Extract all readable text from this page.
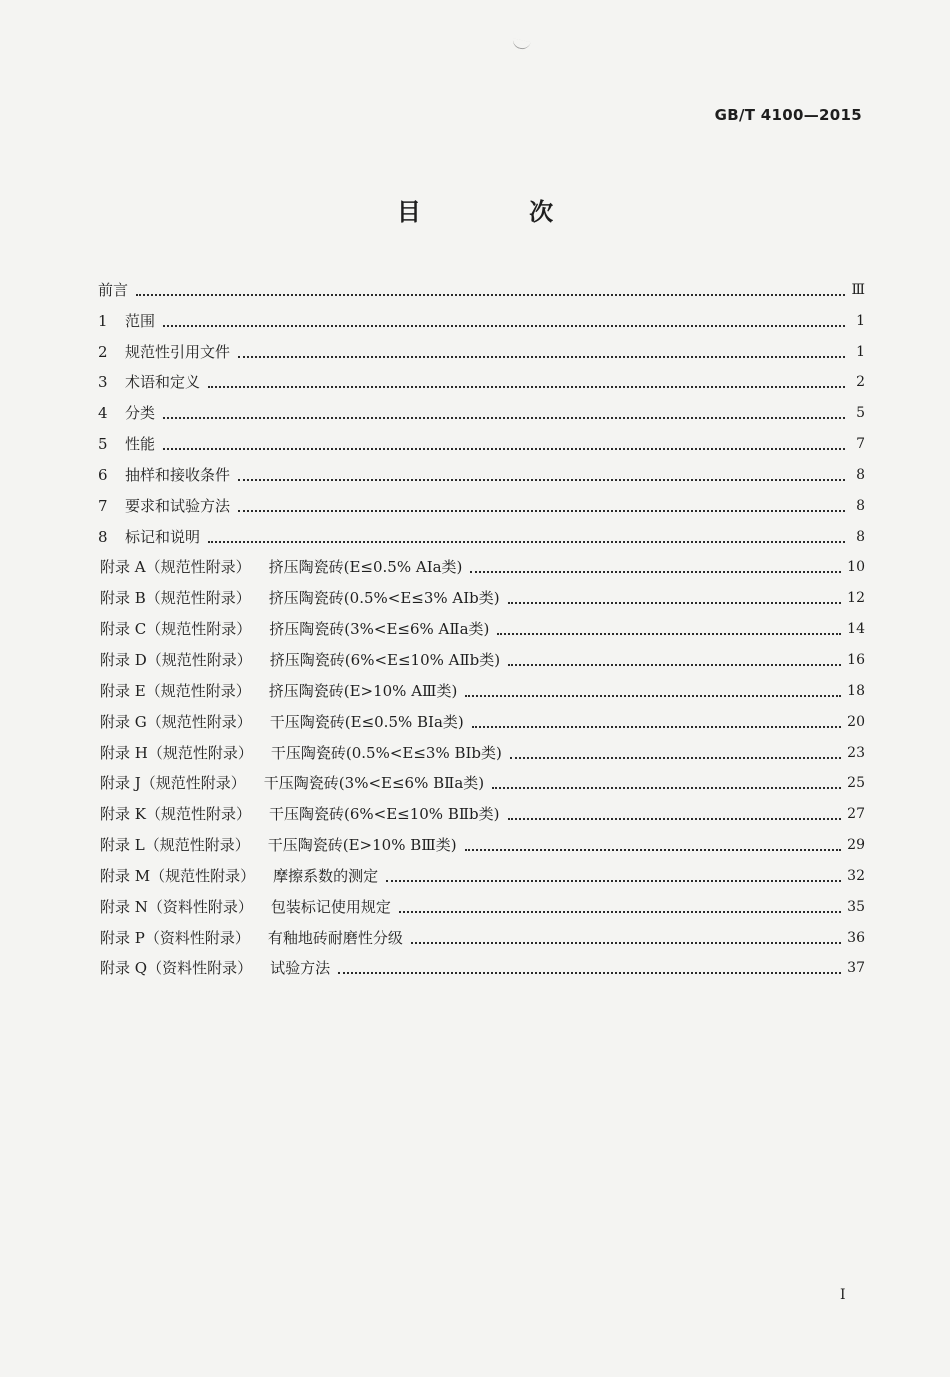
GB/T 4100—2015
目 次
前言	Ⅲ
1	范围	1
2	规范性引用文件	1
3	术语和定义	2
4	分类	5
5	性能	7
6	抽样和接收条件	8
7	要求和试验方法	8
8	标记和说明	8
附录 A（规范性附录） 挤压陶瓷砖(E≤0.5% AⅠa类)	10
附录 B（规范性附录） 挤压陶瓷砖(0.5%<E≤3% AⅠb类)	12
附录 C（规范性附录） 挤压陶瓷砖(3%<E≤6% AⅡa类)	14
附录 D（规范性附录） 挤压陶瓷砖(6%<E≤10% AⅡb类)	16
附录 E（规范性附录） 挤压陶瓷砖(E>10% AⅢ类)	18
附录 G（规范性附录） 干压陶瓷砖(E≤0.5% BⅠa类)	20
附录 H（规范性附录） 干压陶瓷砖(0.5%<E≤3% BⅠb类)	23
附录 J（规范性附录） 干压陶瓷砖(3%<E≤6% BⅡa类)	25
附录 K（规范性附录） 干压陶瓷砖(6%<E≤10% BⅡb类)	27
附录 L（规范性附录） 干压陶瓷砖(E>10% BⅢ类)	29
附录 M（规范性附录） 摩擦系数的测定	32
附录 N（资料性附录） 包装标记使用规定	35
附录 P（资料性附录） 有釉地砖耐磨性分级	36
附录 Q（资料性附录） 试验方法	37
I
